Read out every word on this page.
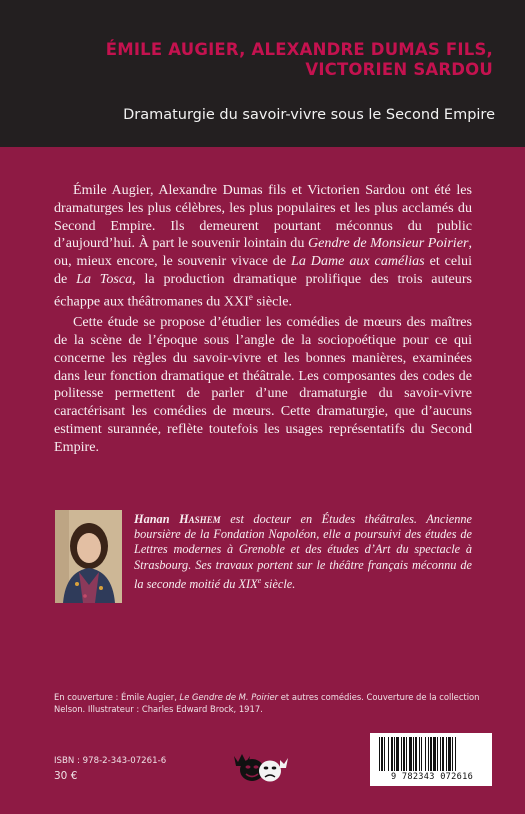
ÉMILE AUGIER, ALEXANDRE DUMAS FILS,
VICTORIEN SARDOU
Dramaturgie du savoir-vivre sous le Second Empire

Émile Augier, Alexandre Dumas fils et Victorien Sardou ont été les dramaturges les plus célèbres, les plus populaires et les plus acclamés du Second Empire. Ils demeurent pourtant méconnus du public d’aujourd’hui. À part le souvenir lointain du Gendre de Monsieur Poirier, ou, mieux encore, le souvenir vivace de La Dame aux camélias et celui de La Tosca, la production dramatique prolifique des trois auteurs échappe aux théâtromanes du XXIe siècle.

Cette étude se propose d’étudier les comédies de mœurs des maîtres de la scène de l’époque sous l’angle de la sociopoétique pour ce qui concerne les règles du savoir-vivre et les bonnes manières, examinées dans leur fonction dramatique et théâtrale. Les composantes des codes de politesse permettent de parler d’une dramaturgie du savoir-vivre caractérisant les comédies de mœurs. Cette dramaturgie, que d’aucuns estiment surannée, reflète toutefois les usages représentatifs du Second Empire.

Hanan Hashem est docteur en Études théâtrales. Ancienne boursière de la Fondation Napoléon, elle a poursuivi des études de Lettres modernes à Grenoble et des études d’Art du spectacle à Strasbourg. Ses travaux portent sur le théâtre français méconnu de la seconde moitié du XIXe siècle.
En couverture : Émile Augier, Le Gendre de M. Poirier et autres comédies. Couverture de la collection Nelson. Illustrateur : Charles Edward Brock, 1917.
ISBN : 978-2-343-07261-6
30 €	9 782343 072616
